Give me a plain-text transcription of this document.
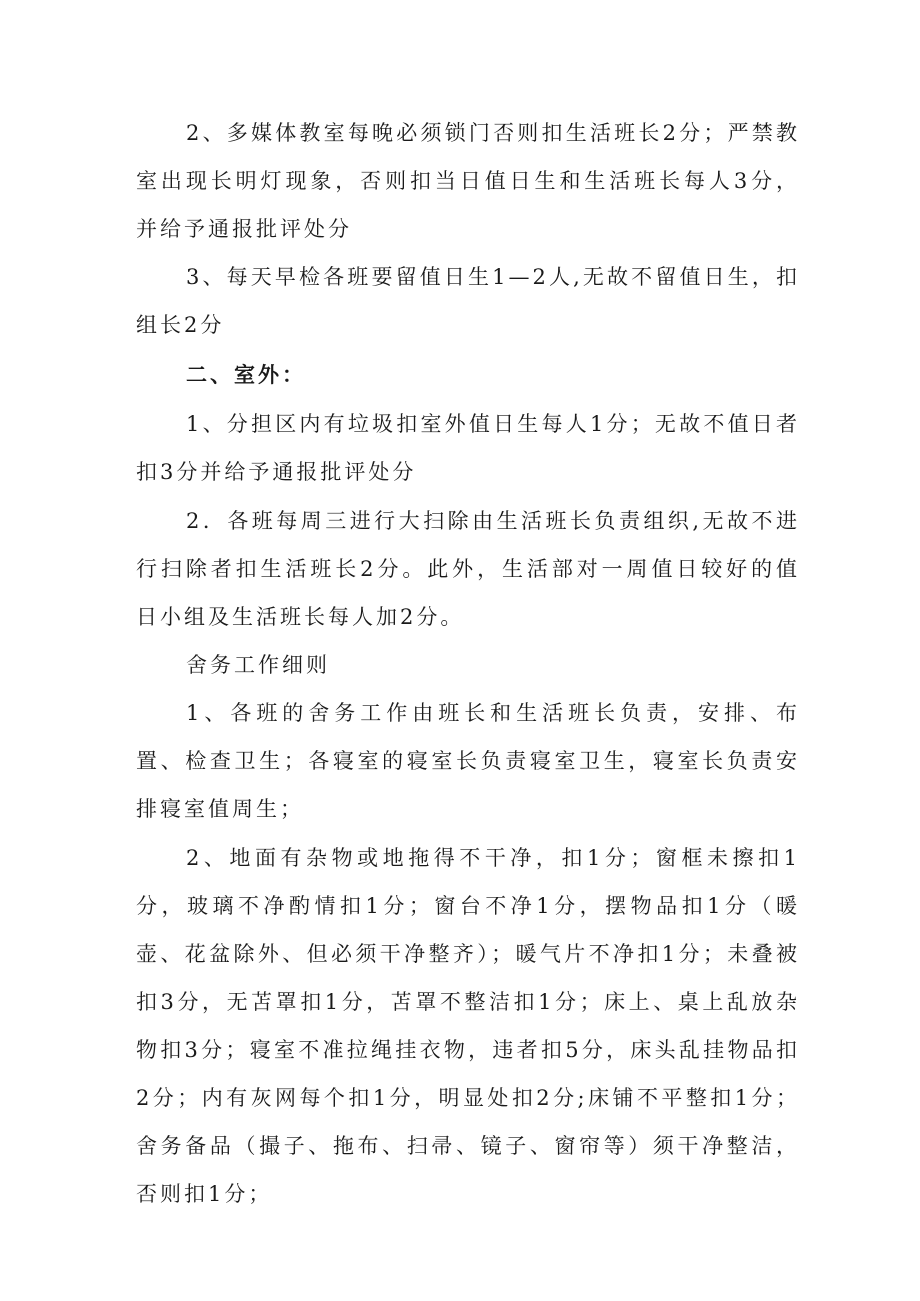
2、多媒体教室每晚必须锁门否则扣生活班长2分；严禁教室出现长明灯现象，否则扣当日值日生和生活班长每人3分，并给予通报批评处分

3、每天早检各班要留值日生1—2人,无故不留值日生，扣组长2分

二、室外：

1、分担区内有垃圾扣室外值日生每人1分；无故不值日者扣3分并给予通报批评处分

2．各班每周三进行大扫除由生活班长负责组织,无故不进行扫除者扣生活班长2分。此外，生活部对一周值日较好的值日小组及生活班长每人加2分。

舍务工作细则

1、各班的舍务工作由班长和生活班长负责，安排、布置、检查卫生；各寝室的寝室长负责寝室卫生，寝室长负责安排寝室值周生；

2、地面有杂物或地拖得不干净，扣1分；窗框未擦扣1分，玻璃不净酌情扣1分；窗台不净1分，摆物品扣1分（暖壶、花盆除外、但必须干净整齐）；暖气片不净扣1分；未叠被扣3分，无苫罩扣1分，苫罩不整洁扣1分；床上、桌上乱放杂物扣3分；寝室不准拉绳挂衣物，违者扣5分，床头乱挂物品扣2分；内有灰网每个扣1分，明显处扣2分;床铺不平整扣1分；舍务备品（撮子、拖布、扫帚、镜子、窗帘等）须干净整洁，否则扣1分；
